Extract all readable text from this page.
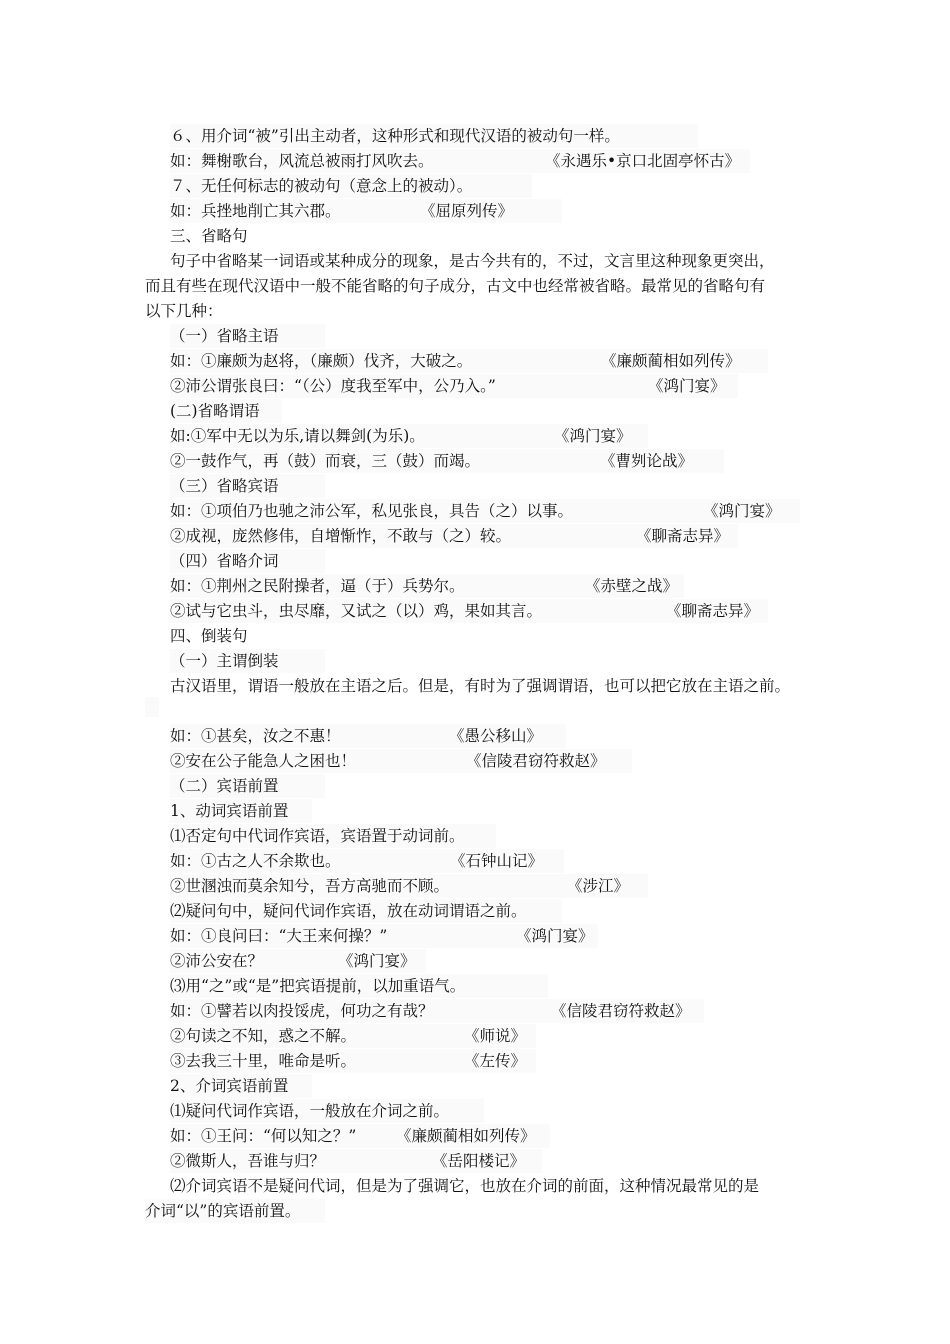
６、用介词“被”引出主动者，这种形式和现代汉语的被动句一样。
如：舞榭歌台，风流总被雨打风吹去。	《永遇乐•京口北固亭怀古》
７、无任何标志的被动句（意念上的被动）。
如：兵挫地削亡其六郡。	《屈原列传》
三、省略句
句子中省略某一词语或某种成分的现象，是古今共有的，不过，文言里这种现象更突出，
而且有些在现代汉语中一般不能省略的句子成分，古文中也经常被省略。最常见的省略句有
以下几种：
（一）省略主语
如：①廉颇为赵将，（廉颇）伐齐，大破之。	《廉颇蔺相如列传》
②沛公谓张良曰：“（公）度我至军中，公乃入。”	《鸿门宴》
(二)省略谓语
如:①军中无以为乐,请以舞剑(为乐)。	《鸿门宴》
②一鼓作气，再（鼓）而衰，三（鼓）而竭。	《曹刿论战》
（三）省略宾语
如：①项伯乃也驰之沛公军，私见张良，具告（之）以事。	《鸿门宴》
②成视，庞然修伟，自增惭怍，不敢与（之）较。	《聊斋志异》
（四）省略介词
如：①荆州之民附操者，逼（于）兵势尔。	《赤壁之战》
②试与它虫斗，虫尽靡，又试之（以）鸡，果如其言。	《聊斋志异》
四、倒装句
（一）主谓倒装
古汉语里，谓语一般放在主语之后。但是，有时为了强调谓语，也可以把它放在主语之前。
如：①甚矣，汝之不惠！	《愚公移山》
②安在公子能急人之困也！	《信陵君窃符救赵》
（二）宾语前置
1、动词宾语前置
⑴否定句中代词作宾语，宾语置于动词前。
如：①古之人不余欺也。	《石钟山记》
②世溷浊而莫余知兮，吾方高驰而不顾。	《涉江》
⑵疑问句中，疑问代词作宾语，放在动词谓语之前。
如：①良问曰：“大王来何操？”	《鸿门宴》
②沛公安在？	《鸿门宴》
⑶用“之”或“是”把宾语提前，以加重语气。
如：①譬若以肉投馁虎，何功之有哉？	《信陵君窃符救赵》
②句读之不知，惑之不解。	《师说》
③去我三十里，唯命是听。	《左传》
2、介词宾语前置
⑴疑问代词作宾语，一般放在介词之前。
如：①王问：“何以知之？”	《廉颇蔺相如列传》
②微斯人，吾谁与归？	《岳阳楼记》
⑵介词宾语不是疑问代词，但是为了强调它，也放在介词的前面，这种情况最常见的是
介词“以”的宾语前置。
